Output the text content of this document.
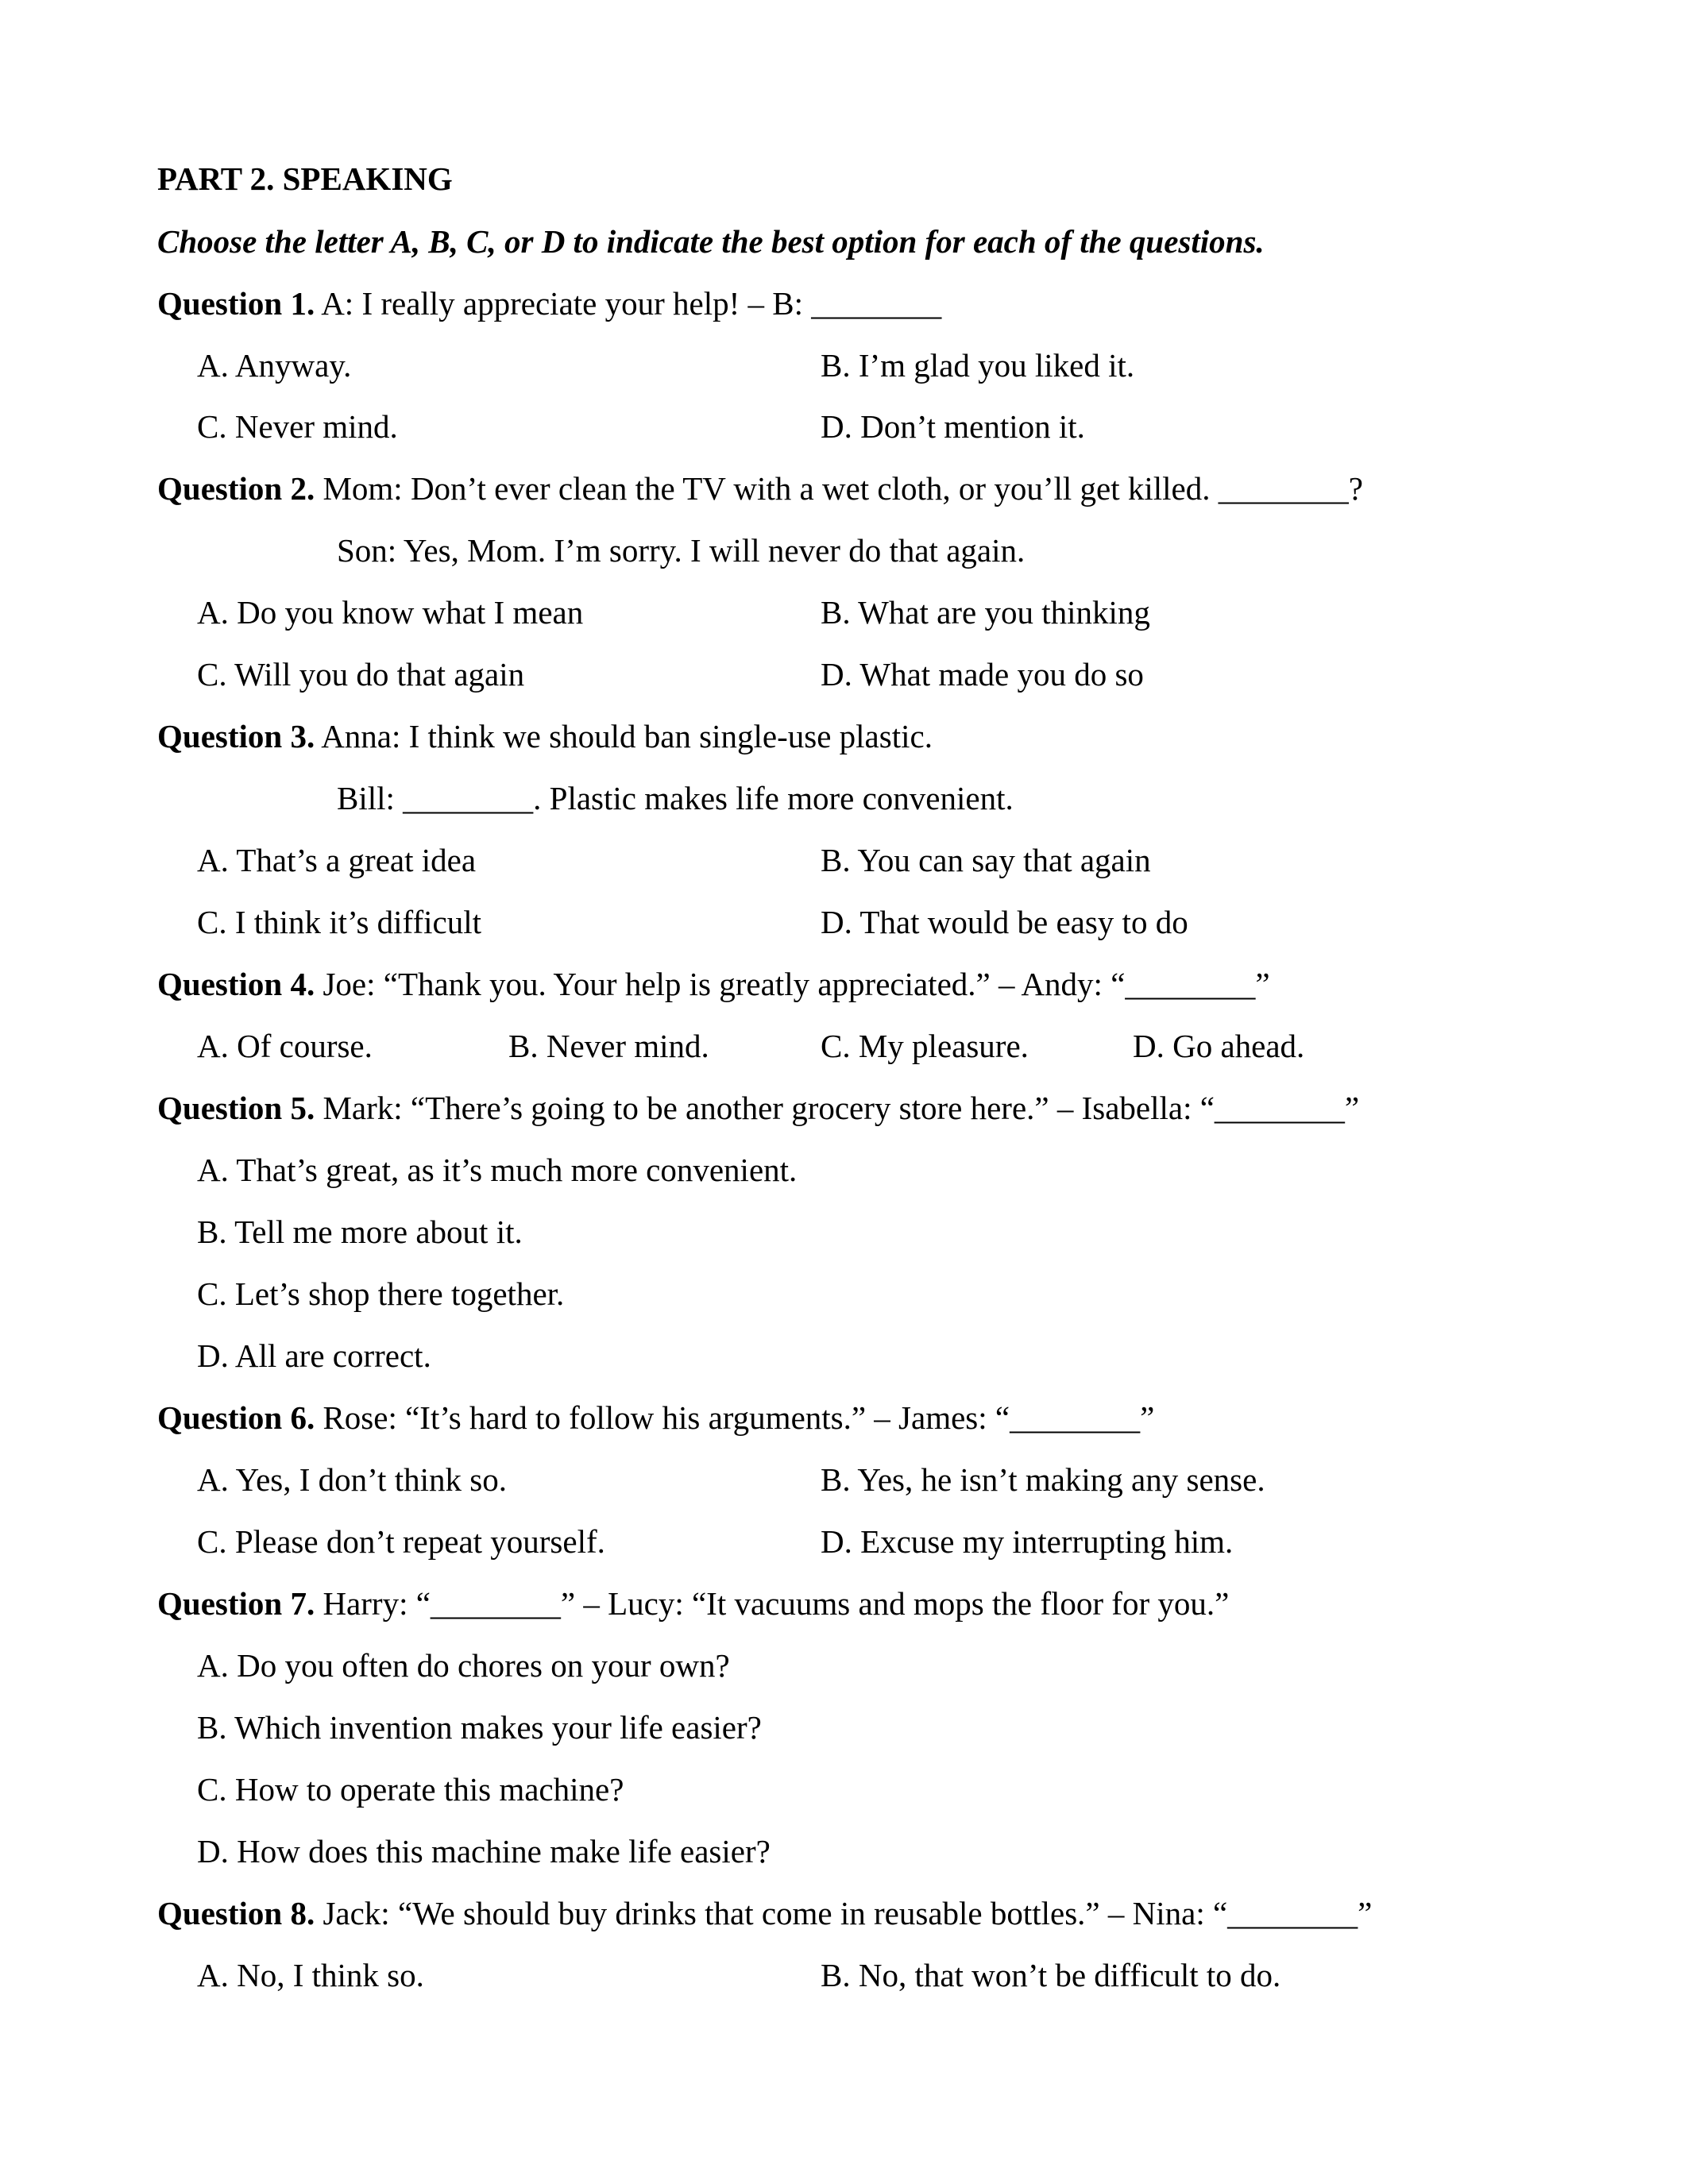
PART 2. SPEAKING
Choose the letter A, B, C, or D to indicate the best option for each of the questions.
Question 1. A: I really appreciate your help! – B: ________
A. Anyway.	B. I’m glad you liked it.
C. Never mind.	D. Don’t mention it.
Question 2. Mom: Don’t ever clean the TV with a wet cloth, or you’ll get killed. ________?
Son: Yes, Mom. I’m sorry. I will never do that again.
A. Do you know what I mean	B. What are you thinking
C. Will you do that again	D. What made you do so
Question 3. Anna: I think we should ban single-use plastic.
Bill: ________. Plastic makes life more convenient.
A. That’s a great idea	B. You can say that again
C. I think it’s difficult	D. That would be easy to do
Question 4. Joe: “Thank you. Your help is greatly appreciated.” – Andy: “________”
A. Of course.	B. Never mind.	C. My pleasure.	D. Go ahead.
Question 5. Mark: “There’s going to be another grocery store here.” – Isabella: “________”
A. That’s great, as it’s much more convenient.
B. Tell me more about it.
C. Let’s shop there together.
D. All are correct.
Question 6. Rose: “It’s hard to follow his arguments.” – James: “________”
A. Yes, I don’t think so.	B. Yes, he isn’t making any sense.
C. Please don’t repeat yourself.	D. Excuse my interrupting him.
Question 7. Harry: “________” – Lucy: “It vacuums and mops the floor for you.”
A. Do you often do chores on your own?
B. Which invention makes your life easier?
C. How to operate this machine?
D. How does this machine make life easier?
Question 8. Jack: “We should buy drinks that come in reusable bottles.” – Nina: “________”
A. No, I think so.	B. No, that won’t be difficult to do.
